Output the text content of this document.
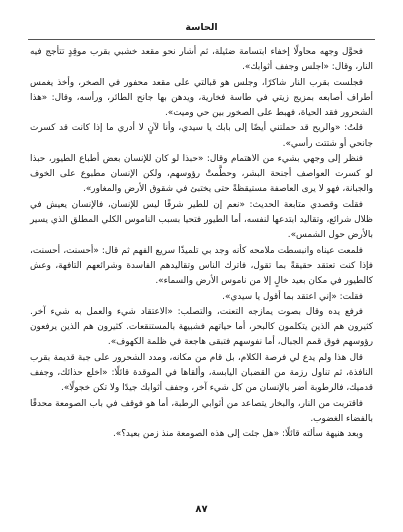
الحاسة

فحوَّل وجهه محاولًا إخفاء ابتسامة ضئيلة، ثم أشار نحو مقعد خشبي بقرب موقِدٍ تتأجج فيه النار، وقال: «اجلس وجفف أثوابك».

فجلست بقرب النار شاكرًا، وجلس هو قبالتي على مقعد محفور في الصخر، وأخذ يغمس أطراف أصابعه بمزيج زيتي في طاسة فخارية، ويدهن بها جانح الطائر، ورأسه، وقال: «هذا الشحرور فقد الحياة، فهبط على الصخور بين حي وميت».

قلتُ: «والريح قد حملتني أيضًا إلى بابك يا سيدي، وأنا لآنٍ لا أدري ما إذا كانت قد كسرت جانحي أو شتتت رأسي».

فنظر إلى وجهي بشيء من الاهتمام وقال: «حبذا لو كان للإنسان بعض أطباع الطيور، حبذا لو كسرت العواصف أجنحة البشر، وحطَّمتْ رؤوسهم، ولكن الإنسان مطبوع على الخوف والجبانة، فهو لا يرى العاصفة مستيقظةً حتى يختبئ في شقوق الأرض والمغاور».

فقلت وقصدي متابعة الحديث: «نعم إن للطير شرفًا ليس للإنسان، فالإنسان يعيش في ظلال شرائع، وتقاليد ابتدعها لنفسه، أما الطيور فتحيا بسبب الناموس الكلي المطلق الذي يسير بالأرض حول الشمس».

فلمعت عيناه وانبسطت ملامحه كأنه وجد بي تلميذًا سريع الفهم ثم قال: «أحسنت، أحسنت، فإذا كنت تعتقد حقيقةً بما تقول، فاترك الناس وتقاليدهم الفاسدة وشرائعهم التافهة، وعش كالطيور في مكان بعيد خالٍ إلا من ناموس الأرض والسماء».

فقلت: «إني اعتقد بما أقول يا سيدي».

فرفع يده وقال بصوت يمازجه التعنت، والتصلب: «الاعتقاد شيء والعمل به شيء آخر. كثيرون هم الذين يتكلمون كالبحر، أما حياتهم فشبيهة بالمستنقعات. كثيرون هم الذين يرفعون رؤوسهم فوق قمم الجبال، أما نفوسهم فتبقى هاجعة في ظلمة الكهوف».

قال هذا ولم يدع لي فرصة الكلام، بل قام من مكانه، ومدد الشحرور على جبة قديمة بقرب النافذة، ثم تناول رزمة من القضبان اليابسة، وألقاها في الموقدة قائلًا: «اخلع حذائك، وجفف قدميك، فالرطوبة أضر بالإنسان من كل شيء آخر، وجفف أثوابك جيدًا ولا تكن خجولًا».

فاقتربت من النار، والبخار يتصاعد من أثوابي الرطبة، أما هو فوقف في باب الصومعة محدقًا بالفضاء الغضوب.

وبعد هنيهة سألته قائلًا: «هل جئت إلى هذه الصومعة منذ زمن بعيد؟».

٨٧
